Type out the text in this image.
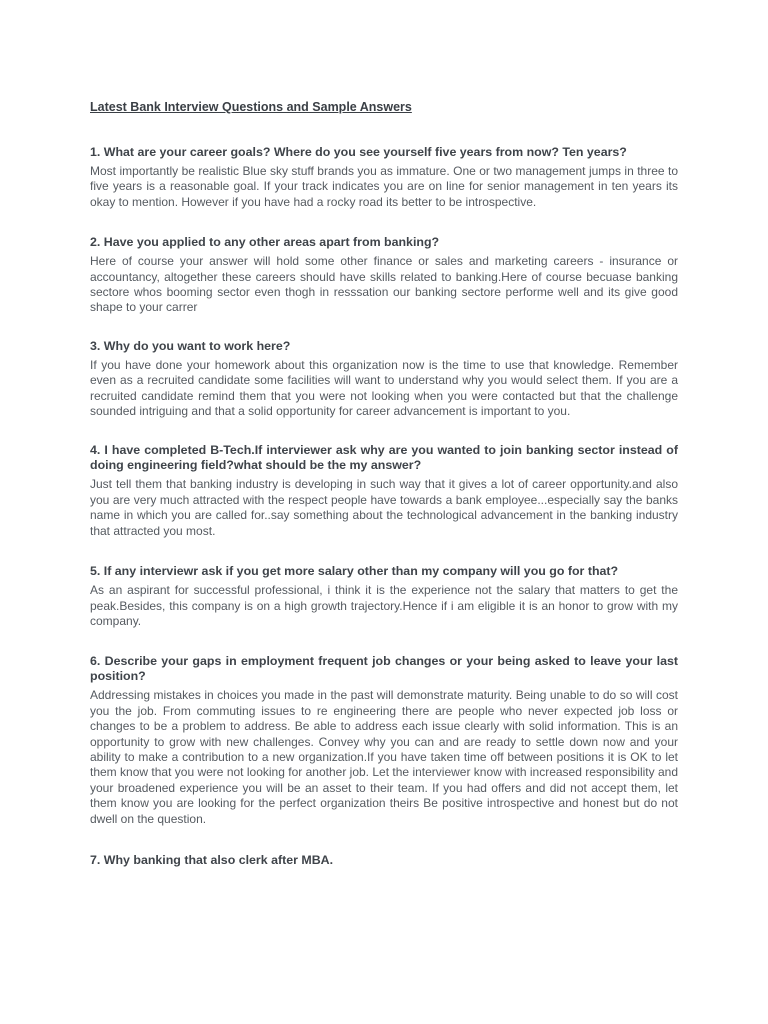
Latest Bank Interview Questions and Sample Answers

1. What are your career goals? Where do you see yourself five years from now? Ten years?

Most importantly be realistic Blue sky stuff brands you as immature. One or two management jumps in three to five years is a reasonable goal. If your track indicates you are on line for senior management in ten years its okay to mention. However if you have had a rocky road its better to be introspective.

2. Have you applied to any other areas apart from banking?

Here of course your answer will hold some other finance or sales and marketing careers - insurance or accountancy, altogether these careers should have skills related to banking.Here of course becuase banking sectore whos booming sector even thogh in resssation our banking sectore performe well and its give good shape to your carrer

3. Why do you want to work here?

If you have done your homework about this organization now is the time to use that knowledge. Remember even as a recruited candidate some facilities will want to understand why you would select them. If you are a recruited candidate remind them that you were not looking when you were contacted but that the challenge sounded intriguing and that a solid opportunity for career advancement is important to you.

4. I have completed B-Tech.If interviewer ask why are you wanted to join banking sector instead of doing engineering field?what should be the my answer?

Just tell them that banking industry is developing in such way that it gives a lot of career opportunity.and also you are very much attracted with the respect people have towards a bank employee...especially say the banks name in which you are called for..say something about the technological advancement in the banking industry that attracted you most.

5. If any interviewr ask if you get more salary other than my company will you go for that?

As an aspirant for successful professional, i think it is the experience not the salary that matters to get the peak.Besides, this company is on a high growth trajectory.Hence if i am eligible it is an honor to grow with my company.

6. Describe your gaps in employment frequent job changes or your being asked to leave your last position?

Addressing mistakes in choices you made in the past will demonstrate maturity. Being unable to do so will cost you the job. From commuting issues to re engineering there are people who never expected job loss or changes to be a problem to address. Be able to address each issue clearly with solid information. This is an opportunity to grow with new challenges. Convey why you can and are ready to settle down now and your ability to make a contribution to a new organization.If you have taken time off between positions it is OK to let them know that you were not looking for another job. Let the interviewer know with increased responsibility and your broadened experience you will be an asset to their team. If you had offers and did not accept them, let them know you are looking for the perfect organization theirs Be positive introspective and honest but do not dwell on the question.

7. Why banking that also clerk after MBA.
